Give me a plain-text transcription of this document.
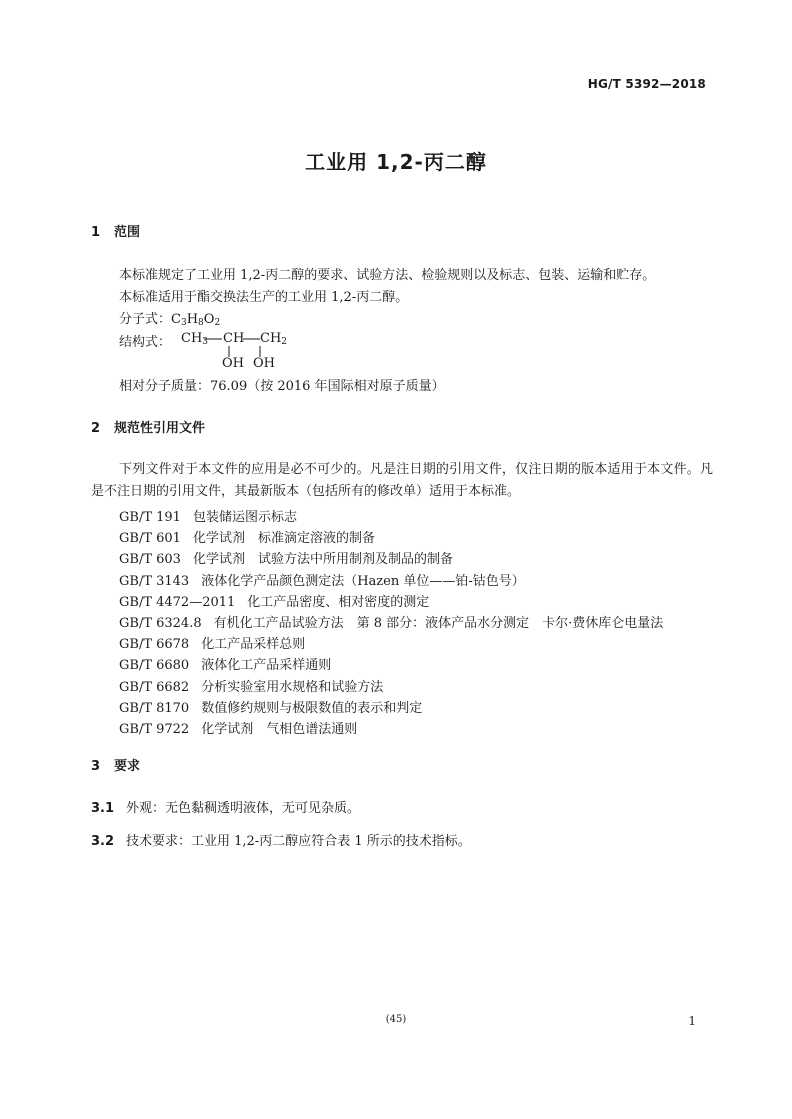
HG/T 5392—2018
工业用 1,2-丙二醇
1 范围
本标准规定了工业用 1,2-丙二醇的要求、试验方法、检验规则以及标志、包装、运输和贮存。
本标准适用于酯交换法生产的工业用 1,2-丙二醇。
分子式：$C_3H_8O_2$
结构式： $CH_3$ CH $CH_2$
OH OH
相对分子质量：76.09（按 2016 年国际相对原子质量）
2 规范性引用文件
下列文件对于本文件的应用是必不可少的。凡是注日期的引用文件，仅注日期的版本适用于本文件。凡是不注日期的引用文件，其最新版本（包括所有的修改单）适用于本标准。
GB/T 191 包装储运图示标志
GB/T 601 化学试剂　标准滴定溶液的制备
GB/T 603 化学试剂　试验方法中所用制剂及制品的制备
GB/T 3143 液体化学产品颜色测定法（Hazen 单位——铂-钴色号）
GB/T 4472—2011 化工产品密度、相对密度的测定
GB/T 6324.8 有机化工产品试验方法　第 8 部分：液体产品水分测定　卡尔·费休库仑电量法
GB/T 6678 化工产品采样总则
GB/T 6680 液体化工产品采样通则
GB/T 6682 分析实验室用水规格和试验方法
GB/T 8170 数值修约规则与极限数值的表示和判定
GB/T 9722 化学试剂　气相色谱法通则
3 要求
3.1 外观：无色黏稠透明液体，无可见杂质。
3.2 技术要求：工业用 1,2-丙二醇应符合表 1 所示的技术指标。
(45)	1
